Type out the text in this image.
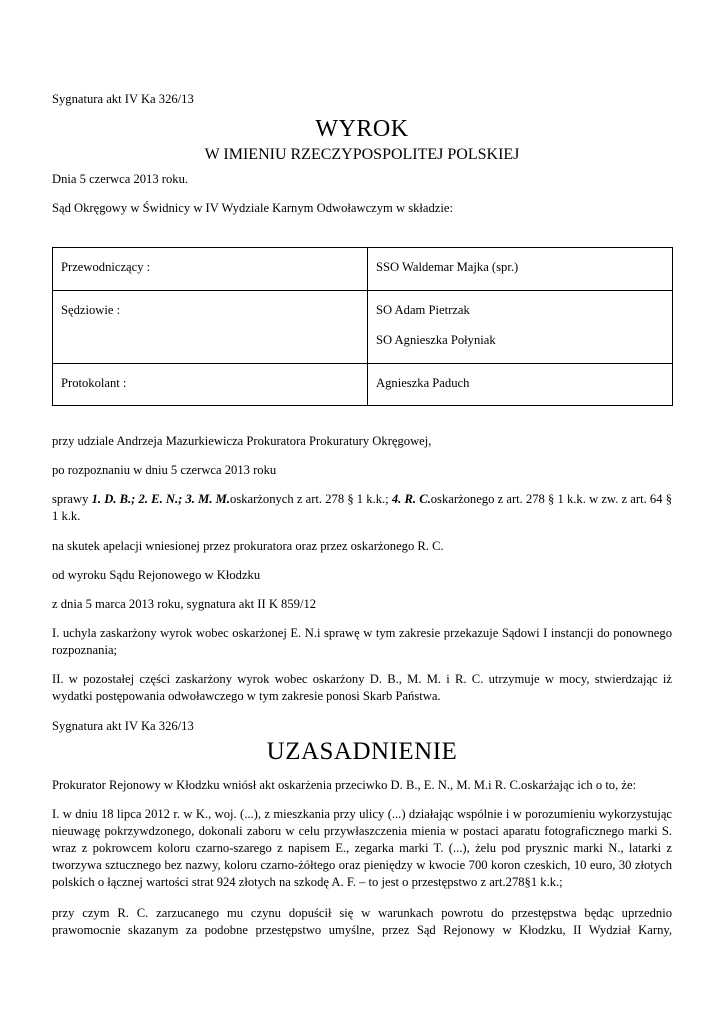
Sygnatura akt IV Ka 326/13

WYROK
W IMIENIU RZECZYPOSPOLITEJ POLSKIEJ

Dnia 5 czerwca 2013 roku.

Sąd Okręgowy w Świdnicy w IV Wydziale Karnym Odwoławczym w składzie:

Przewodniczący :	SSO Waldemar Majka (spr.)

Sędziowie :	SO Adam Pietrzak
SO Agnieszka Połyniak

Protokolant :	Agnieszka Paduch

przy udziale Andrzeja Mazurkiewicza Prokuratora Prokuratury Okręgowej,

po rozpoznaniu w dniu 5 czerwca 2013 roku

sprawy 1. D. B.; 2. E. N.; 3. M. M.oskarżonych z art. 278 § 1 k.k.; 4. R. C.oskarżonego z art. 278 § 1 k.k. w zw. z art. 64 § 1 k.k.

na skutek apelacji wniesionej przez prokuratora oraz przez oskarżonego R. C.

od wyroku Sądu Rejonowego w Kłodzku

z dnia 5 marca 2013 roku, sygnatura akt II K 859/12

I. uchyla zaskarżony wyrok wobec oskarżonej E. N.i sprawę w tym zakresie przekazuje Sądowi I instancji do ponownego rozpoznania;

II. w pozostałej części zaskarżony wyrok wobec oskarżony D. B., M. M. i R. C. utrzymuje w mocy, stwierdzając iż wydatki postępowania odwoławczego w tym zakresie ponosi Skarb Państwa.

Sygnatura akt IV Ka 326/13

UZASADNIENIE

Prokurator Rejonowy w Kłodzku wniósł akt oskarżenia przeciwko D. B., E. N., M. M.i R. C.oskarżając ich o to, że:

I. w dniu 18 lipca 2012 r. w K., woj. (...), z mieszkania przy ulicy (...) działając wspólnie i w porozumieniu wykorzystując nieuwagę pokrzywdzonego, dokonali zaboru w celu przywłaszczenia mienia w postaci aparatu fotograficznego marki S. wraz z pokrowcem koloru czarno-szarego z napisem E., zegarka marki T. (...), żelu pod prysznic marki N., latarki z tworzywa sztucznego bez nazwy, koloru czarno-żółtego oraz pieniędzy w kwocie 700 koron czeskich, 10 euro, 30 złotych polskich o łącznej wartości strat 924 złotych na szkodę A. F. – to jest o przestępstwo z art.278§1 k.k.;

przy czym R. C. zarzucanego mu czynu dopuścił się w warunkach powrotu do przestępstwa będąc uprzednio prawomocnie skazanym za podobne przestępstwo umyślne, przez Sąd Rejonowy w Kłodzku, II Wydział Karny,
